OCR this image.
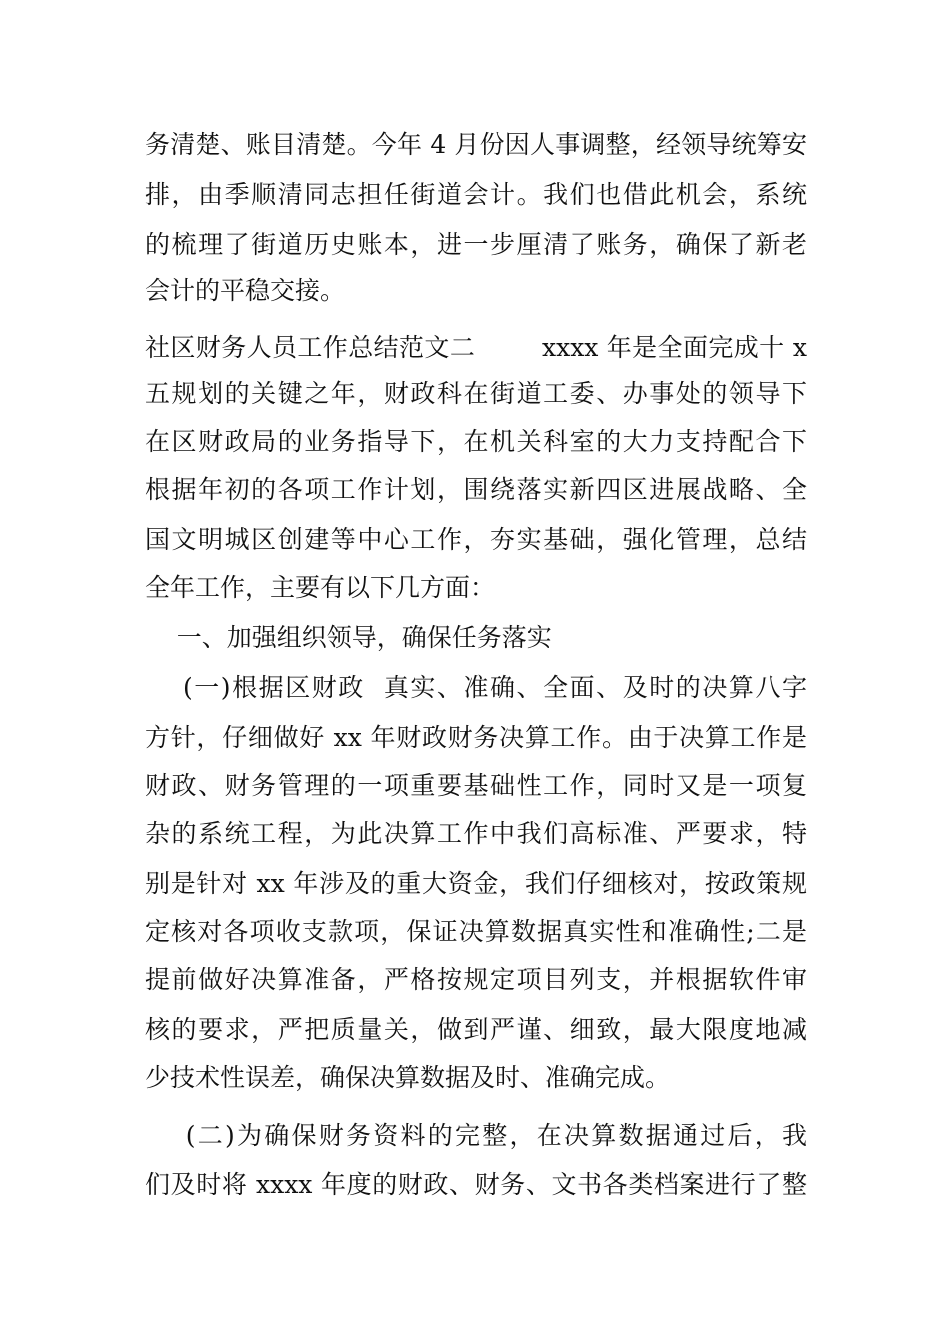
务清楚、账目清楚。今年 4 月份因人事调整，经领导统筹安
排，由季顺清同志担任街道会计。我们也借此机会，系统
的梳理了街道历史账本，进一步厘清了账务，确保了新老
会计的平稳交接。
社区财务人员工作总结范文二        xxxx 年是全面完成十 x
五规划的关键之年，财政科在街道工委、办事处的领导下
在区财政局的业务指导下，在机关科室的大力支持配合下
根据年初的各项工作计划，围绕落实新四区进展战略、全
国文明城区创建等中心工作，夯实基础，强化管理，总结
全年工作，主要有以下几方面：
一、加强组织领导，确保任务落实
(一)根据区财政  真实、准确、全面、及时的决算八字
方针，仔细做好 xx 年财政财务决算工作。由于决算工作是
财政、财务管理的一项重要基础性工作，同时又是一项复
杂的系统工程，为此决算工作中我们高标准、严要求，特
别是针对 xx 年涉及的重大资金，我们仔细核对，按政策规
定核对各项收支款项，保证决算数据真实性和准确性;二是
提前做好决算准备，严格按规定项目列支，并根据软件审
核的要求，严把质量关，做到严谨、细致，最大限度地减
少技术性误差，确保决算数据及时、准确完成。
(二)为确保财务资料的完整，在决算数据通过后，我
们及时将 xxxx 年度的财政、财务、文书各类档案进行了整
